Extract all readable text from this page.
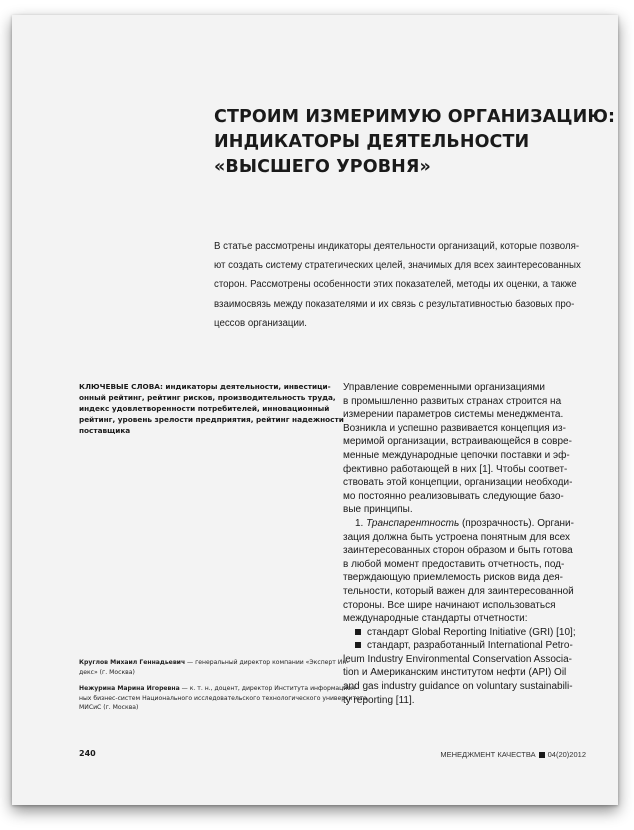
СТРОИМ ИЗМЕРИМУЮ ОРГАНИЗАЦИЮ:
ИНДИКАТОРЫ ДЕЯТЕЛЬНОСТИ
«ВЫСШЕГО УРОВНЯ»
В статье рассмотрены индикаторы деятельности организаций, которые позволя-
ют создать систему стратегических целей, значимых для всех заинтересованных
сторон. Рассмотрены особенности этих показателей, методы их оценки, а также
взаимосвязь между показателями и их связь с результативностью базовых про-
цессов организации.
КЛЮЧЕВЫЕ СЛОВА: индикаторы деятельности, инвестици-
онный рейтинг, рейтинг рисков, производительность труда,
индекс удовлетворенности потребителей, инновационный
рейтинг, уровень зрелости предприятия, рейтинг надежности
поставщика
Круглов Михаил Геннадьевич — генеральный директор компании «Эксперт Ин-
декс» (г. Москва)
Нежурина Марина Игоревна — к. т. н., доцент, директор Института информацион-
ных бизнес-систем Национального исследовательского технологического университета
МИСиС (г. Москва)
Управление современными организациями
в промышленно развитых странах строится на
измерении параметров системы менеджмента.
Возникла и успешно развивается концепция из-
меримой организации, встраивающейся в совре-
менные международные цепочки поставки и эф-
фективно работающей в них [1]. Чтобы соответ-
ствовать этой концепции, организации необходи-
мо постоянно реализовывать следующие базо-
вые принципы.
1. Транспарентность (прозрачность). Органи-
зация должна быть устроена понятным для всех
заинтересованных сторон образом и быть готова
в любой момент предоставить отчетность, под-
тверждающую приемлемость рисков вида дея-
тельности, который важен для заинтересованной
стороны. Все шире начинают использоваться
международные стандарты отчетности:
стандарт Global Reporting Initiative (GRI) [10];
стандарт, разработанный International Petro-
leum Industry Environmental Conservation Associa-
tion и Американским институтом нефти (API) Oil
and gas industry guidance on voluntary sustainabili-
ty reporting [11].
240	МЕНЕДЖМЕНТ КАЧЕСТВА 04(20)2012
